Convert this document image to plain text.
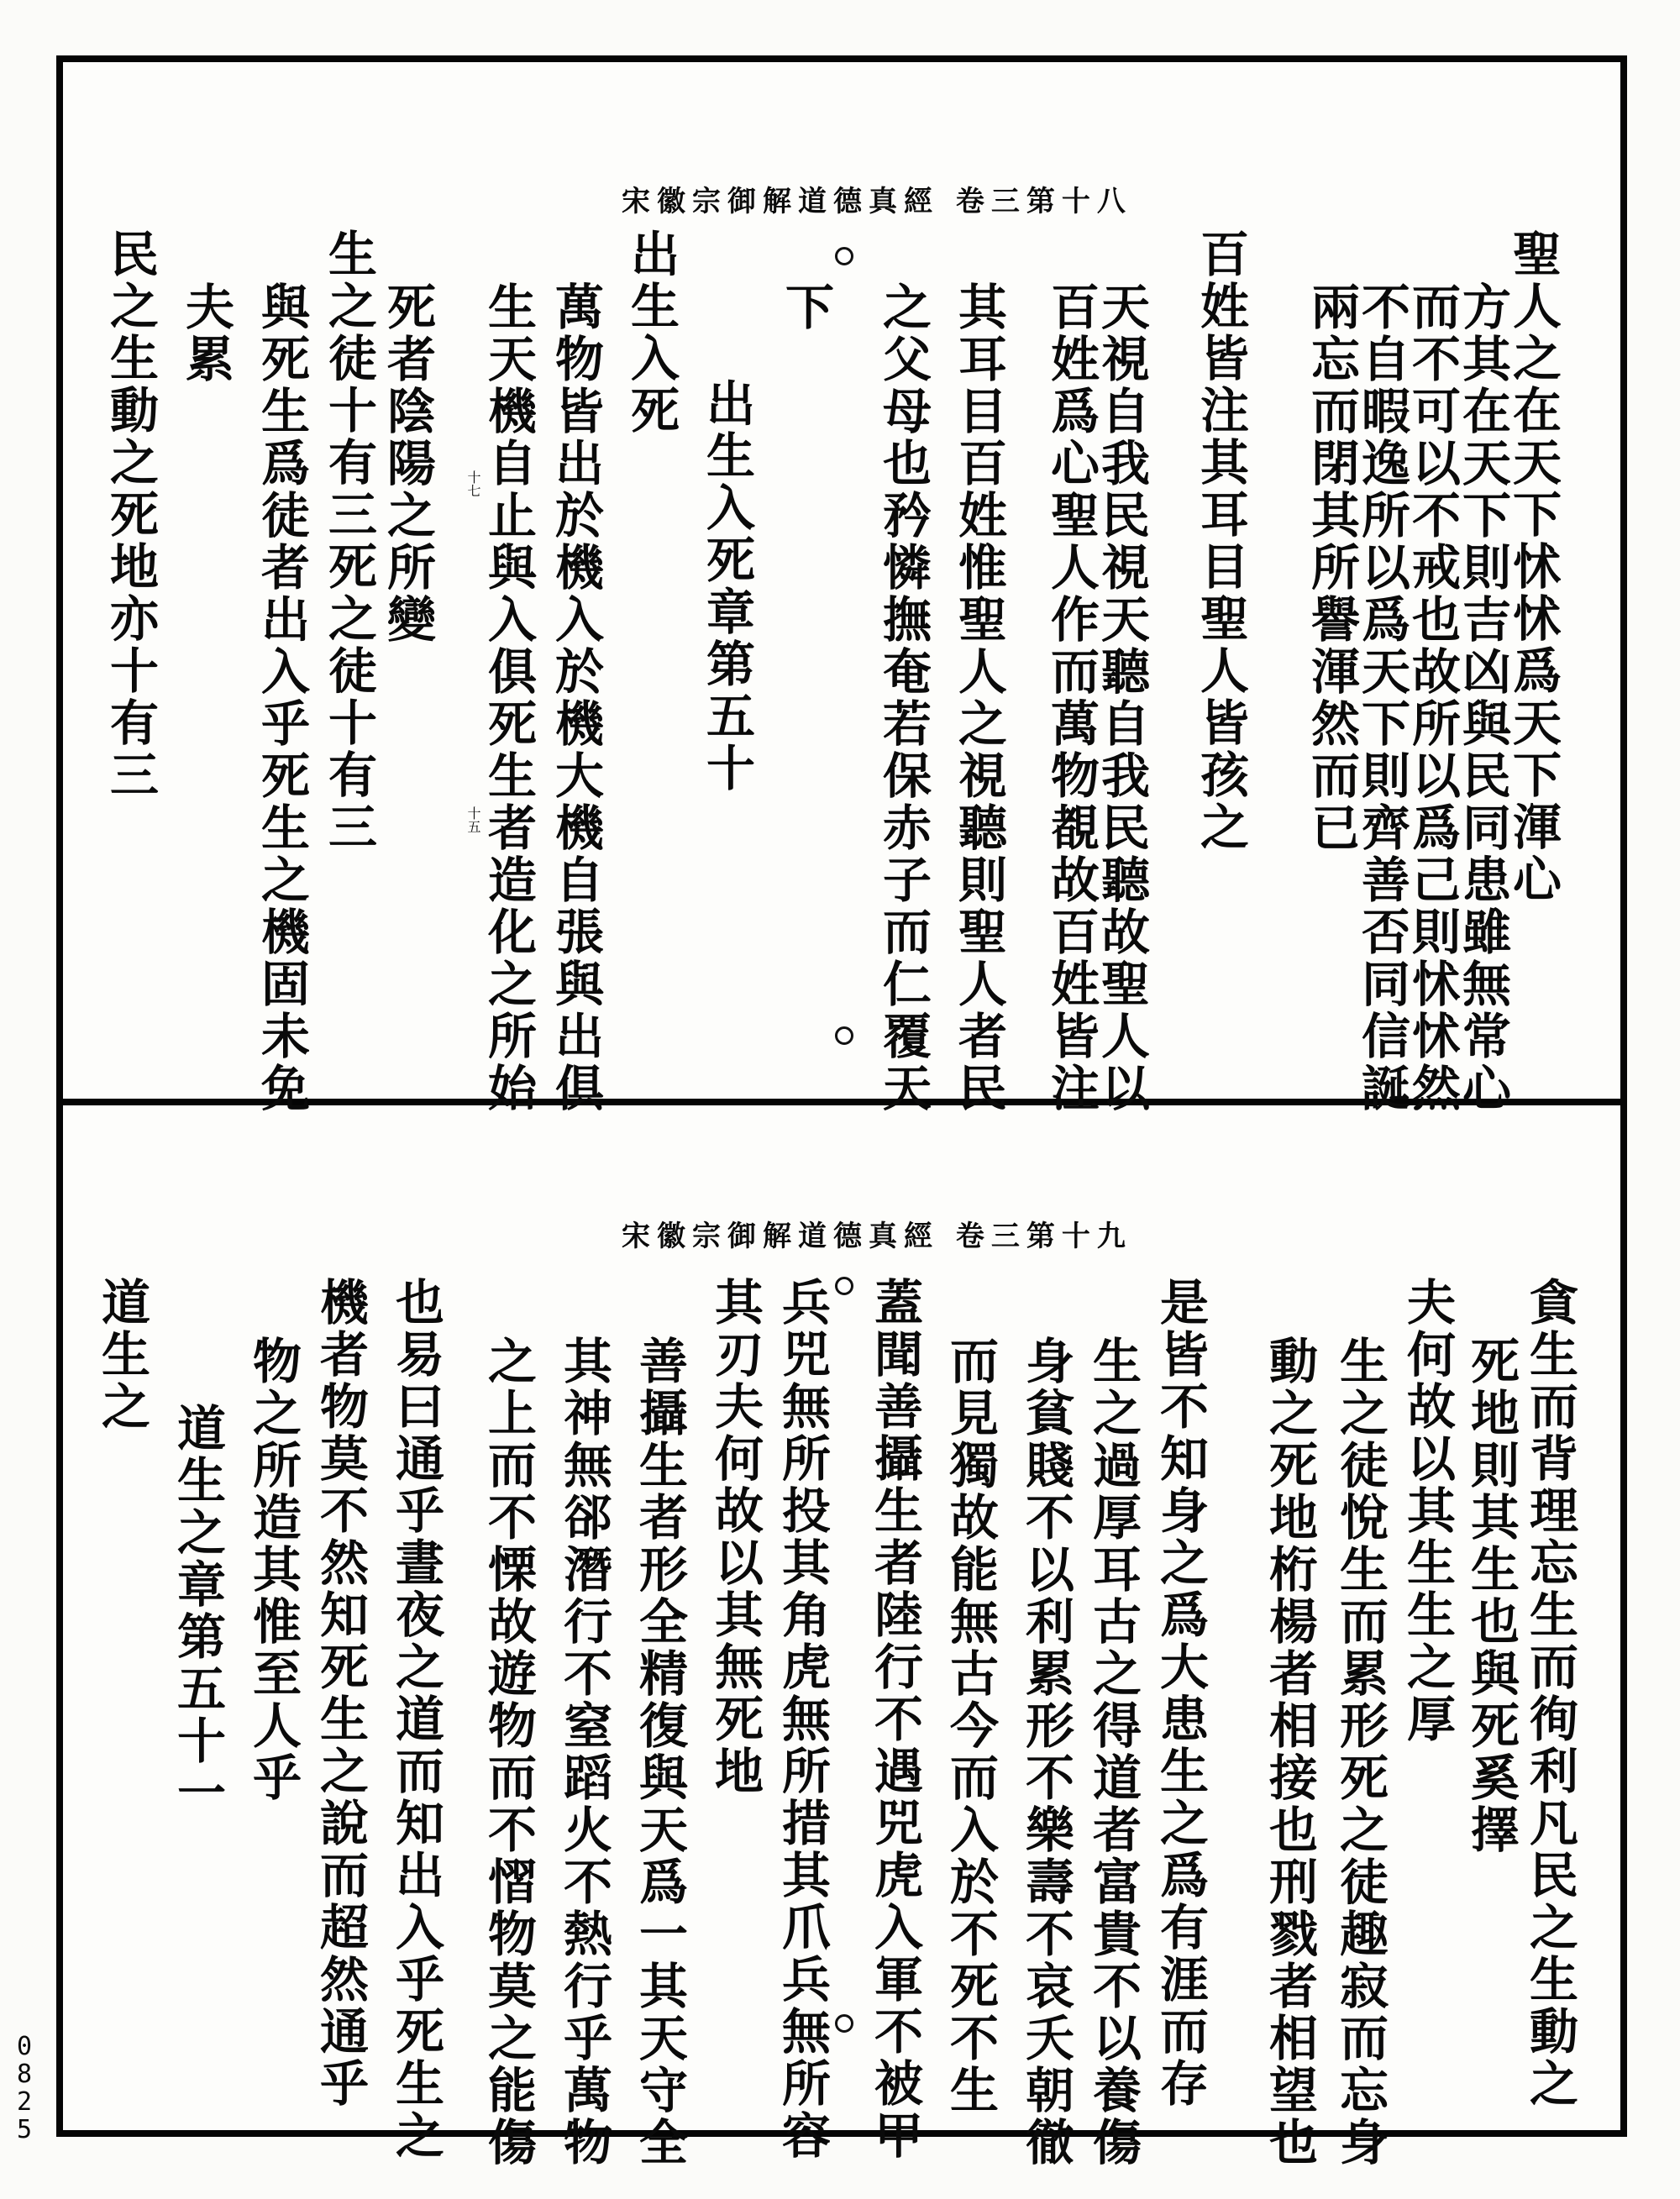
宋徽宗御解道德真經 卷三第十八
聖人之在天下怵怵爲天下渾心
方其在天下則吉凶與民同患雖無常心
而不可以不戒也故所以爲己則怵怵然
不自暇逸所以爲天下則齊善否同信誕
兩忘而閉其所譽渾然而已
百姓皆注其耳目聖人皆孩之
天視自我民視天聽自我民聽故聖人以
百姓爲心聖人作而萬物覩故百姓皆注
其耳目百姓惟聖人之視聽則聖人者民
之父母也矜憐撫奄若保赤子而仁覆天
下
出生入死章第五十
出生入死
萬物皆出於機入於機大機自張與出俱
生天機自止與入俱死生者造化之所始
死者陰陽之所變
生之徒十有三死之徒十有三
與死生爲徒者出入乎死生之機固未免
夫累
民之生動之死地亦十有三	十七
十五
宋徽宗御解道德真經 卷三第十九
貪生而背理忘生而徇利凡民之生動之
死地則其生也與死奚擇
夫何故以其生生之厚
生之徒悅生而累形死之徒趣寂而忘身
動之死地桁楊者相接也刑戮者相望也
是皆不知身之爲大患生之爲有涯而存
生之過厚耳古之得道者富貴不以養傷
身貧賤不以利累形不樂壽不哀夭朝徹
而見獨故能無古今而入於不死不生
蓋聞善攝生者陸行不遇兕虎入軍不被甲
兵兕無所投其角虎無所措其爪兵無所容
其刃夫何故以其無死地
善攝生者形全精復與天爲一其天守全
其神無郤潛行不窒蹈火不熱行乎萬物
之上而不慄故遊物而不慴物莫之能傷
也易曰通乎晝夜之道而知出入乎死生之
機者物莫不然知死生之說而超然通乎
物之所造其惟至人乎
道生之章第五十一
道生之
0
8
2
5
